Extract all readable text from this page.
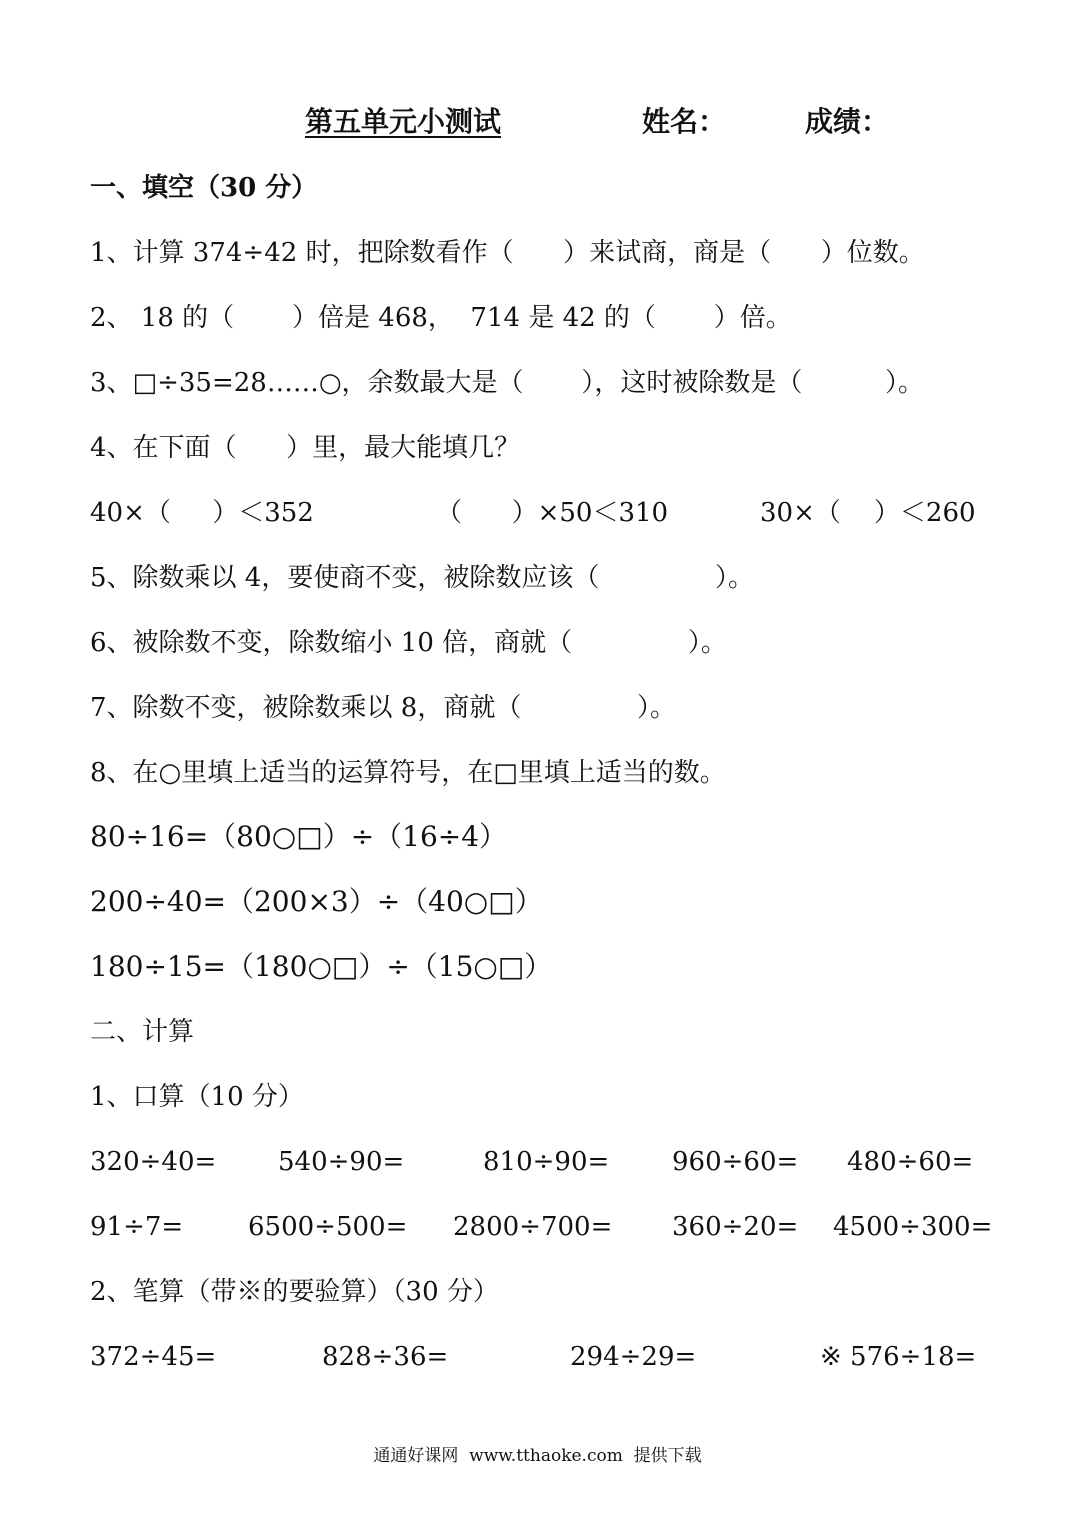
第五单元小测试	姓名：	成绩：
一、填空（30 分）
1、计算 374÷42 时，把除数看作（      ）来试商，商是（      ）位数。
2、 18 的（       ）倍是 468，  714 是 42 的（       ）倍。
3、□÷35=28……○，余数最大是（       ），这时被除数是（          ）。
4、在下面（      ）里，最大能填几？
40×（     ）＜352	（      ）×50＜310	30×（    ）＜260
5、除数乘以 4，要使商不变，被除数应该（              ）。
6、被除数不变，除数缩小 10 倍，商就（              ）。
7、除数不变，被除数乘以 8，商就（              ）。
8、在○里填上适当的运算符号，在□里填上适当的数。
80÷16=（80○□）÷（16÷4）
200÷40=（200×3）÷（40○□）
180÷15=（180○□）÷（15○□）
二、计算
1、口算（10 分）
320÷40= 540÷90=	810÷90= 960÷60= 480÷60=
91÷7= 6500÷500= 2800÷700= 360÷20= 4500÷300=
2、笔算（带※的要验算）（30 分）
372÷45=	828÷36=	294÷29=	※ 576÷18=
通通好课网  www.tthaoke.com  提供下载
